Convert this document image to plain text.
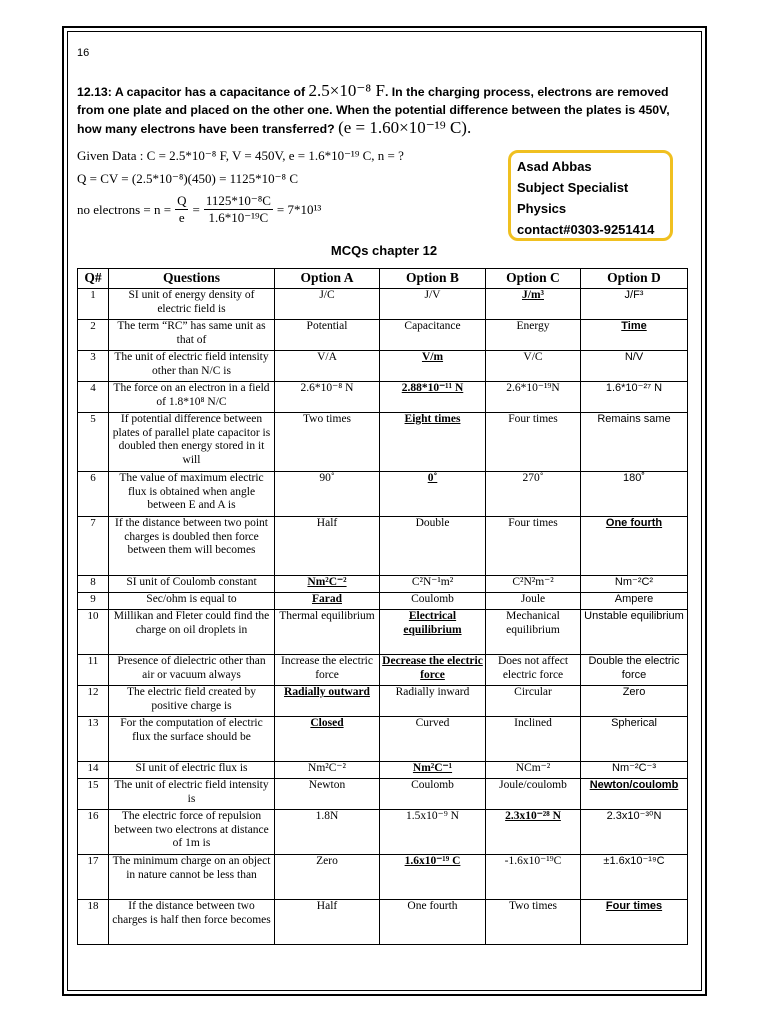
16
12.13: A capacitor has a capacitance of 2.5×10⁻⁸ F. In the charging process, electrons are removed from one plate and placed on the other one. When the potential difference between the plates is 450V, how many electrons have been transferred? (e = 1.60×10⁻¹⁹ C).
Given Data : C = 2.5*10⁻⁸ F, V = 450V, e = 1.6*10⁻¹⁹ C, n = ?
Q = CV = (2.5*10⁻⁸)(450) = 1125*10⁻⁸ C
no electrons = $n = \frac{Q}{e} = \frac{\text{1125*10⁻⁸C}}{\text{1.6*10⁻¹⁹C}} = 7*10^{13}$
Asad Abbas
Subject Specialist
Physics
contact#0303-9251414
MCQs chapter 12
Q#	Questions	Option A	Option B	Option C	Option D
1	SI unit of energy density of electric field is	J/C	J/V	J/m³	J/F³
2	The term “RC” has same unit as that of	Potential	Capacitance	Energy	Time
3	The unit of electric field intensity other than N/C is	V/A	V/m	V/C	N/V
4	The force on an electron in a field of 1.8*10⁸ N/C	2.6*10⁻⁸ N	2.88*10⁻¹¹ N	2.6*10⁻¹⁹N	1.6*10⁻²⁷ N
5	If potential difference between plates of parallel plate capacitor is doubled then energy stored in it will	Two times	Eight times	Four times	Remains same
6	The value of maximum electric flux is obtained when angle between E and A is	90˚	0˚	270˚	180˚
7	If the distance between two point charges is doubled then force between them will becomes	Half	Double	Four times	One fourth
8	SI unit of Coulomb constant	Nm²C⁻²	C²N⁻¹m²	C²N²m⁻²	Nm⁻²C²
9	Sec/ohm is equal to	Farad	Coulomb	Joule	Ampere
10	Millikan and Fleter could find the charge on oil droplets in	Thermal equilibrium	Electrical equilibrium	Mechanical equilibrium	Unstable equilibrium
11	Presence of dielectric other than air or vacuum always	Increase the electric force	Decrease the electric force	Does not affect electric force	Double the electric force
12	The electric field created by positive charge is	Radially outward	Radially inward	Circular	Zero
13	For the computation of electric flux the surface should be	Closed	Curved	Inclined	Spherical
14	SI unit of electric flux is	Nm²C⁻²	Nm²C⁻¹	NCm⁻²	Nm⁻²C⁻³
15	The unit of electric field intensity is	Newton	Coulomb	Joule/coulomb	Newton/coulomb
16	The electric force of repulsion between two electrons at distance of 1m is	1.8N	1.5x10⁻⁹ N	2.3x10⁻²⁸ N	2.3x10⁻³⁰N
17	The minimum charge on an object in nature cannot be less than	Zero	1.6x10⁻¹⁹ C	-1.6x10⁻¹⁹C	±1.6x10⁻¹⁹C
18	If the distance between two charges is half then force becomes	Half	One fourth	Two times	Four times
